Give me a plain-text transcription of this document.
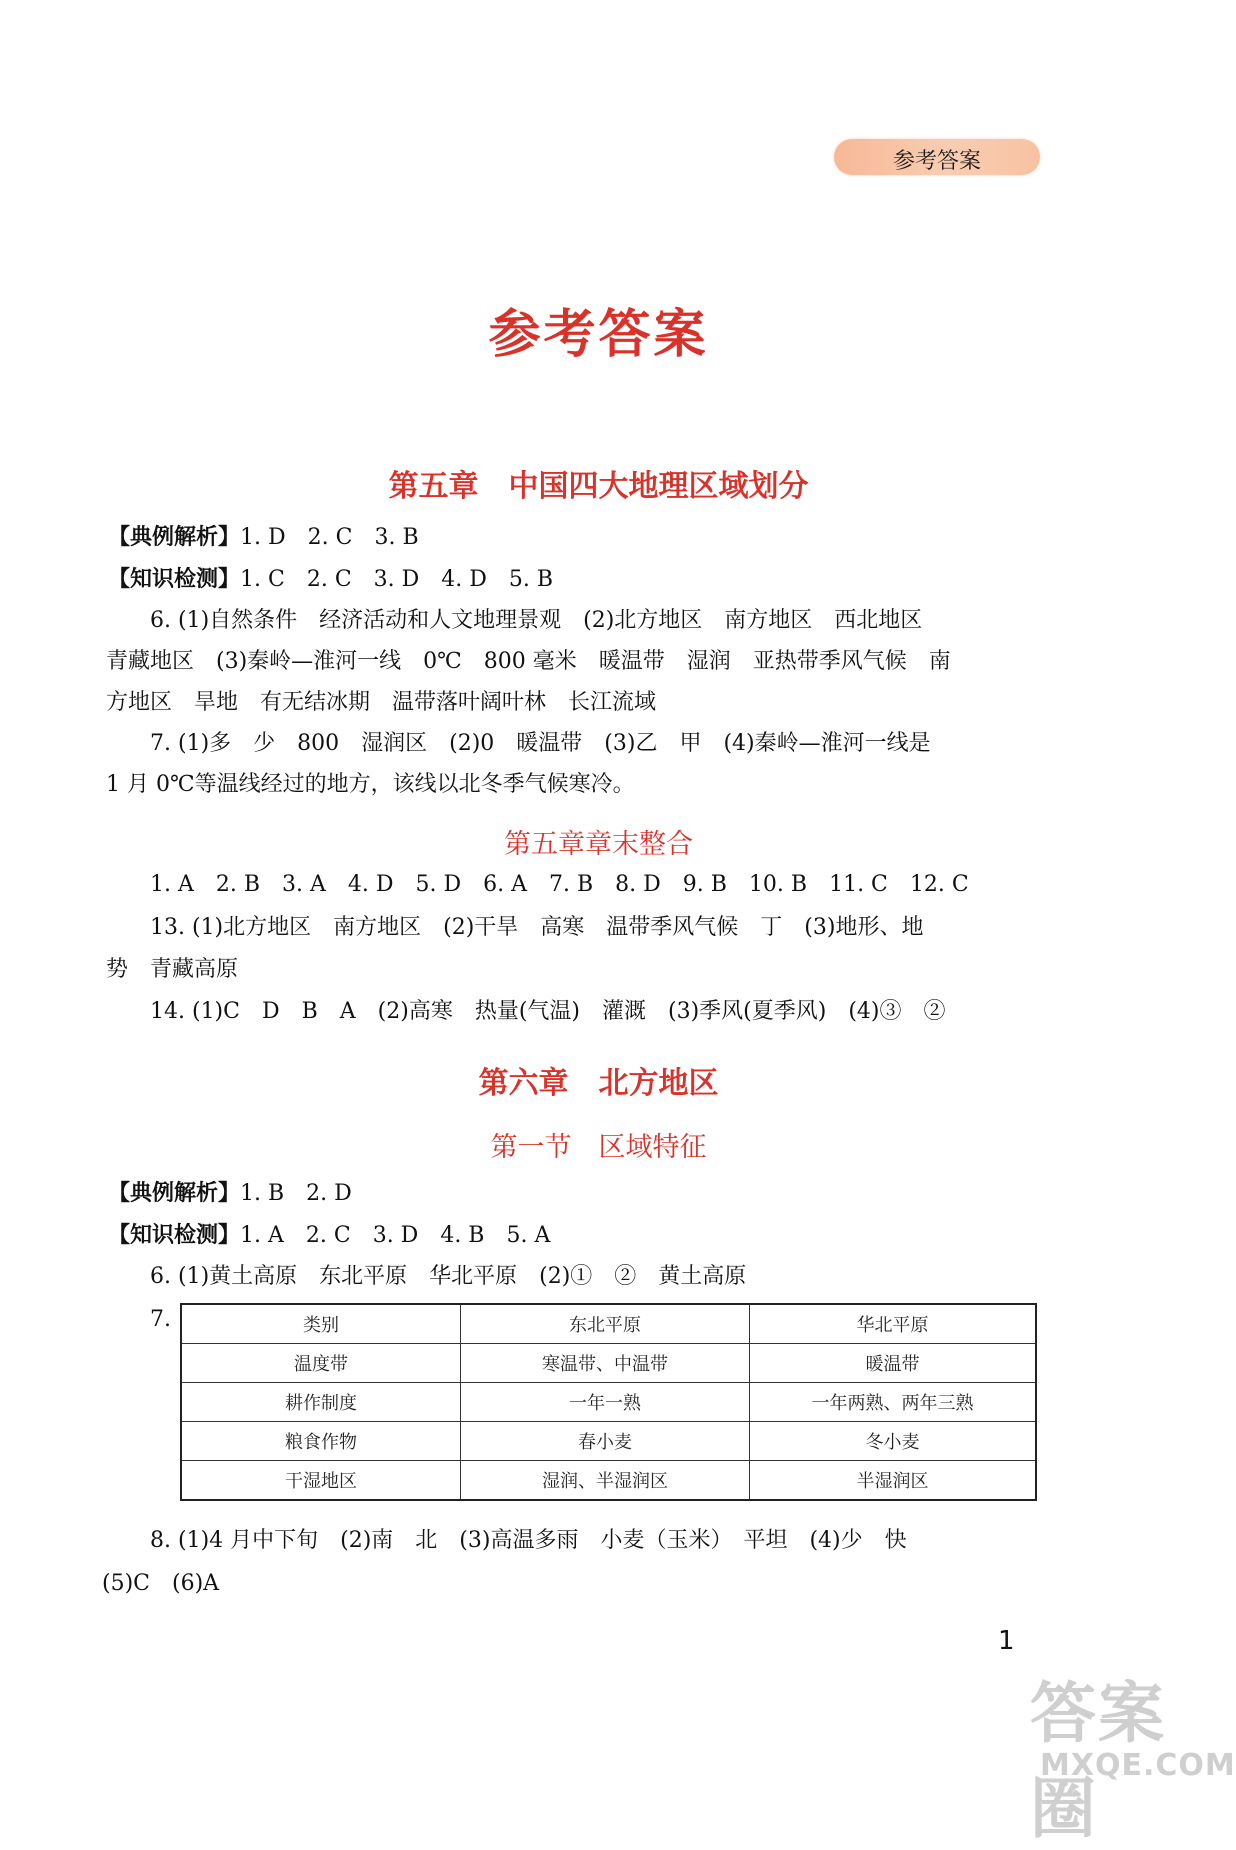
参考答案
参考答案
第五章　中国四大地理区域划分
【典例解析】1. D　2. C　3. B
【知识检测】1. C　2. C　3. D　4. D　5. B
6. (1)自然条件　经济活动和人文地理景观　(2)北方地区　南方地区　西北地区
青藏地区　(3)秦岭—淮河一线　0℃　800 毫米　暖温带　湿润　亚热带季风气候　南
方地区　旱地　有无结冰期　温带落叶阔叶林　长江流域
7. (1)多　少　800　湿润区　(2)0　暖温带　(3)乙　甲　(4)秦岭—淮河一线是
1 月 0℃等温线经过的地方，该线以北冬季气候寒冷。
第五章章末整合
1. A　2. B　3. A　4. D　5. D　6. A　7. B　8. D　9. B　10. B　11. C　12. C
13. (1)北方地区　南方地区　(2)干旱　高寒　温带季风气候　丁　(3)地形、地
势　青藏高原
14. (1)C　D　B　A　(2)高寒　热量(气温)　灌溉　(3)季风(夏季风)　(4)③　②
第六章　北方地区
第一节　区域特征
【典例解析】1. B　2. D
【知识检测】1. A　2. C　3. D　4. B　5. A
6. (1)黄土高原　东北平原　华北平原　(2)①　②　黄土高原
7.	类别	东北平原	华北平原
温度带	寒温带、中温带	暖温带
耕作制度	一年一熟	一年两熟、两年三熟
粮食作物	春小麦	冬小麦
干湿地区	湿润、半湿润区	半湿润区
8. (1)4 月中下旬　(2)南　北　(3)高温多雨　小麦（玉米）　平坦　(4)少　快
(5)C　(6)A
1
答案圈
MXQE.COM
